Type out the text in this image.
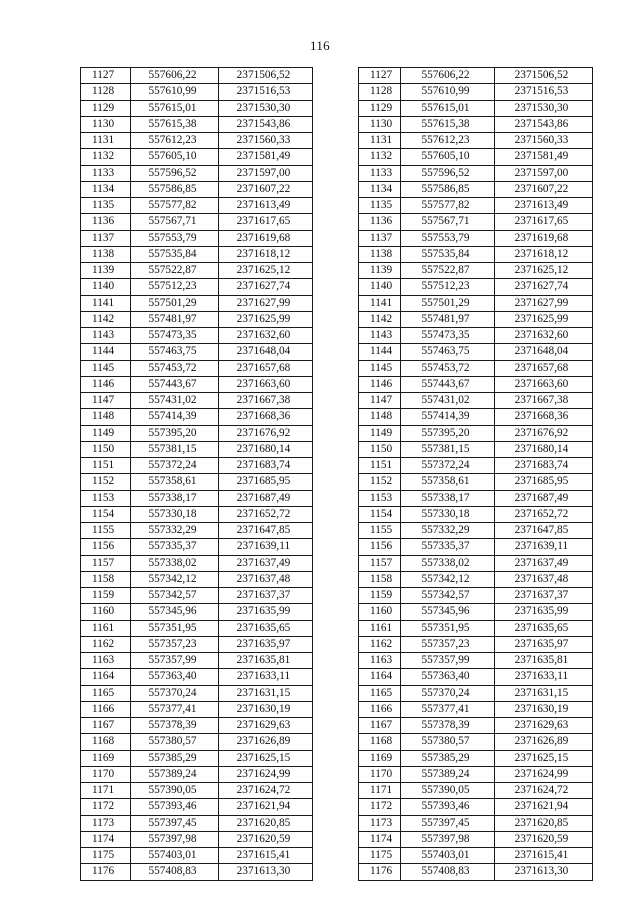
116
1127	557606,22	2371506,52		1127	557606,22	2371506,52
1128	557610,99	2371516,53		1128	557610,99	2371516,53
1129	557615,01	2371530,30		1129	557615,01	2371530,30
1130	557615,38	2371543,86		1130	557615,38	2371543,86
1131	557612,23	2371560,33		1131	557612,23	2371560,33
1132	557605,10	2371581,49		1132	557605,10	2371581,49
1133	557596,52	2371597,00		1133	557596,52	2371597,00
1134	557586,85	2371607,22		1134	557586,85	2371607,22
1135	557577,82	2371613,49		1135	557577,82	2371613,49
1136	557567,71	2371617,65		1136	557567,71	2371617,65
1137	557553,79	2371619,68		1137	557553,79	2371619,68
1138	557535,84	2371618,12		1138	557535,84	2371618,12
1139	557522,87	2371625,12		1139	557522,87	2371625,12
1140	557512,23	2371627,74		1140	557512,23	2371627,74
1141	557501,29	2371627,99		1141	557501,29	2371627,99
1142	557481,97	2371625,99		1142	557481,97	2371625,99
1143	557473,35	2371632,60		1143	557473,35	2371632,60
1144	557463,75	2371648,04		1144	557463,75	2371648,04
1145	557453,72	2371657,68		1145	557453,72	2371657,68
1146	557443,67	2371663,60		1146	557443,67	2371663,60
1147	557431,02	2371667,38		1147	557431,02	2371667,38
1148	557414,39	2371668,36		1148	557414,39	2371668,36
1149	557395,20	2371676,92		1149	557395,20	2371676,92
1150	557381,15	2371680,14		1150	557381,15	2371680,14
1151	557372,24	2371683,74		1151	557372,24	2371683,74
1152	557358,61	2371685,95		1152	557358,61	2371685,95
1153	557338,17	2371687,49		1153	557338,17	2371687,49
1154	557330,18	2371652,72		1154	557330,18	2371652,72
1155	557332,29	2371647,85		1155	557332,29	2371647,85
1156	557335,37	2371639,11		1156	557335,37	2371639,11
1157	557338,02	2371637,49		1157	557338,02	2371637,49
1158	557342,12	2371637,48		1158	557342,12	2371637,48
1159	557342,57	2371637,37		1159	557342,57	2371637,37
1160	557345,96	2371635,99		1160	557345,96	2371635,99
1161	557351,95	2371635,65		1161	557351,95	2371635,65
1162	557357,23	2371635,97		1162	557357,23	2371635,97
1163	557357,99	2371635,81		1163	557357,99	2371635,81
1164	557363,40	2371633,11		1164	557363,40	2371633,11
1165	557370,24	2371631,15		1165	557370,24	2371631,15
1166	557377,41	2371630,19		1166	557377,41	2371630,19
1167	557378,39	2371629,63		1167	557378,39	2371629,63
1168	557380,57	2371626,89		1168	557380,57	2371626,89
1169	557385,29	2371625,15		1169	557385,29	2371625,15
1170	557389,24	2371624,99		1170	557389,24	2371624,99
1171	557390,05	2371624,72		1171	557390,05	2371624,72
1172	557393,46	2371621,94		1172	557393,46	2371621,94
1173	557397,45	2371620,85		1173	557397,45	2371620,85
1174	557397,98	2371620,59		1174	557397,98	2371620,59
1175	557403,01	2371615,41		1175	557403,01	2371615,41
1176	557408,83	2371613,30		1176	557408,83	2371613,30
